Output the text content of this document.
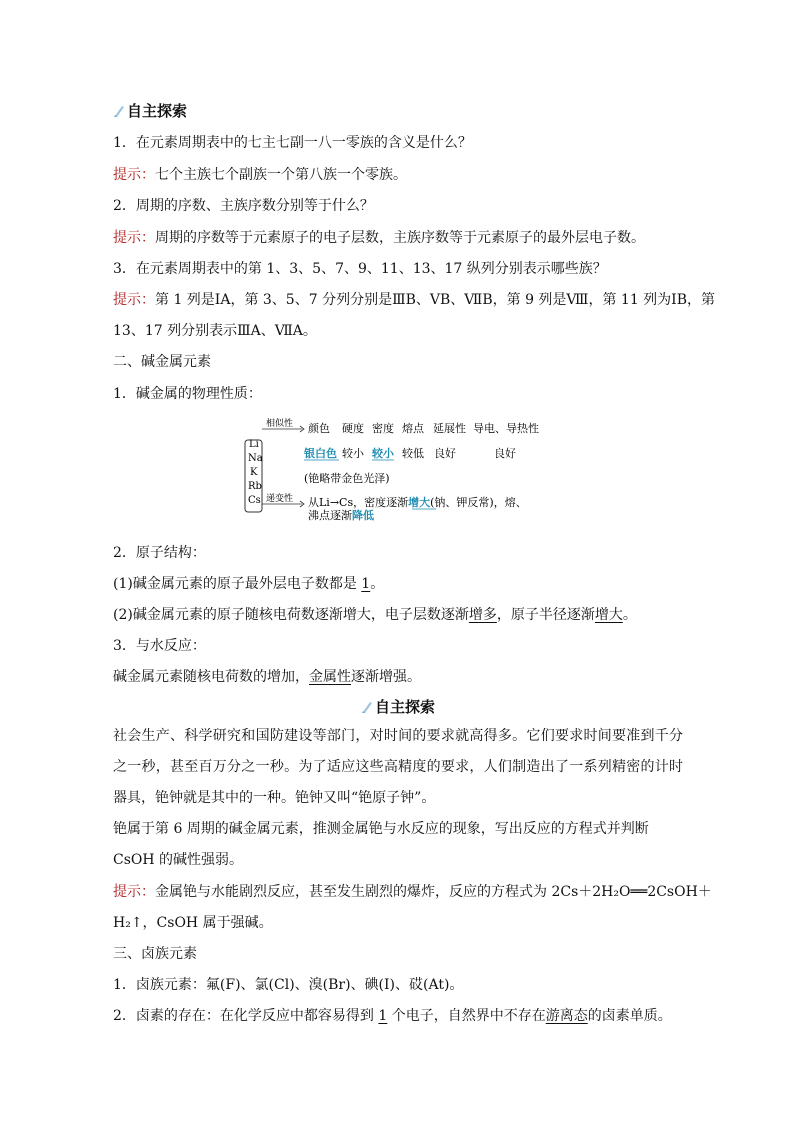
自主探索
1．在元素周期表中的七主七副一八一零族的含义是什么？
提示：七个主族七个副族一个第八族一个零族。
2．周期的序数、主族序数分别等于什么？
提示：周期的序数等于元素原子的电子层数，主族序数等于元素原子的最外层电子数。
3．在元素周期表中的第 1、3、5、7、9、11、13、17 纵列分别表示哪些族？
提示：第 1 列是ⅠA，第 3、5、7 分列分别是ⅢB、ⅤB、ⅦB，第 9 列是Ⅷ，第 11 列为ⅠB，第
13、17 列分别表示ⅢA、ⅦA。
二、碱金属元素
1．碱金属的物理性质：
Li
Na
K
Rb
Cs
相似性
递变性
颜色 硬度 密度 熔点 延展性 导电、导热性
银白色 较小 较小 较低 良好	良好
(铯略带金色光泽)
从Li→Cs，密度逐渐增大(钠、钾反常)，熔、
沸点逐渐降低
2．原子结构：
(1)碱金属元素的原子最外层电子数都是 1。
(2)碱金属元素的原子随核电荷数逐渐增大，电子层数逐渐增多，原子半径逐渐增大。
3．与水反应：
碱金属元素随核电荷数的增加，金属性逐渐增强。
自主探索
社会生产、科学研究和国防建设等部门，对时间的要求就高得多。它们要求时间要准到千分之一秒，甚至百万分之一秒。为了适应这些高精度的要求，人们制造出了一系列精密的计时器具，铯钟就是其中的一种。铯钟又叫“铯原子钟”。
铯属于第 6 周期的碱金属元素，推测金属铯与水反应的现象，写出反应的方程式并判断 CsOH 的碱性强弱。
提示：金属铯与水能剧烈反应，甚至发生剧烈的爆炸，反应的方程式为 2Cs＋2H₂O══2CsOH＋
H₂↑，CsOH 属于强碱。
三、卤族元素
1．卤族元素：氟(F)、氯(Cl)、溴(Br)、碘(I)、砹(At)。
2．卤素的存在：在化学反应中都容易得到 1 个电子，自然界中不存在游离态的卤素单质。
